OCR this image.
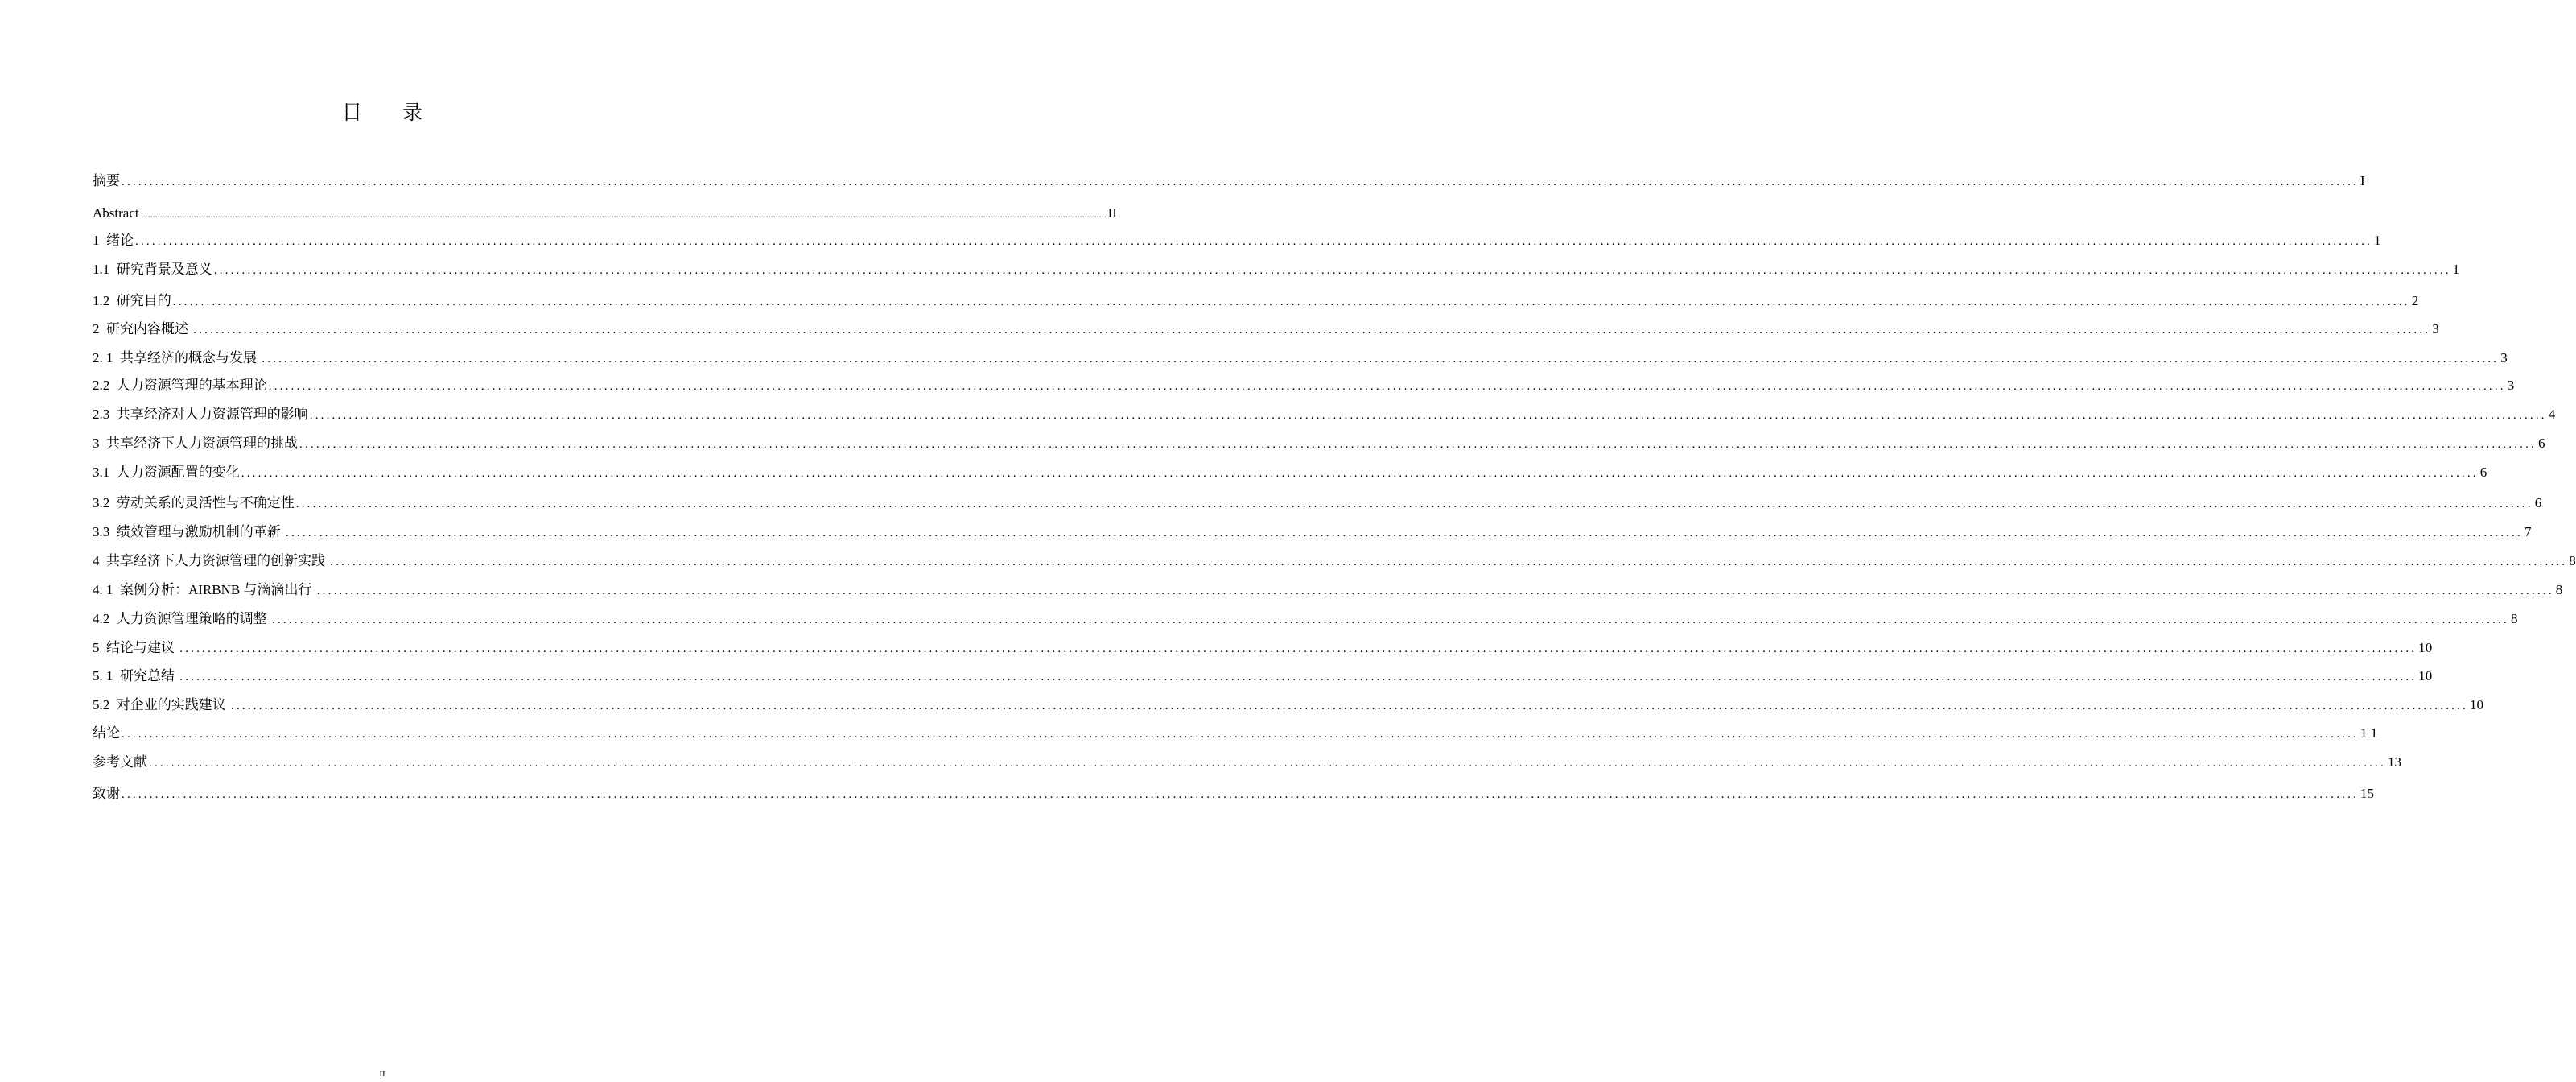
目 录
摘要 ................................................................................................................................................................................................................................................................................................................................................................................................................ I
Abstract ................................................................................................................................................................................................................................................................................................................................................................................................................ II
1  绪论 ................................................................................................................................................................................................................................................................................................................................................................................................................ 1
1.1  研究背景及意义 ................................................................................................................................................................................................................................................................................................................................................................................................................ 1
1.2  研究目的 ................................................................................................................................................................................................................................................................................................................................................................................................................ 2
2  研究内容概述 ................................................................................................................................................................................................................................................................................................................................................................................................................ 3
2. 1  共享经济的概念与发展 ................................................................................................................................................................................................................................................................................................................................................................................................................ 3
2.2  人力资源管理的基本理论 ................................................................................................................................................................................................................................................................................................................................................................................................................ 3
2.3  共享经济对人力资源管理的影响 ................................................................................................................................................................................................................................................................................................................................................................................................................ 4
3  共享经济下人力资源管理的挑战 ................................................................................................................................................................................................................................................................................................................................................................................................................ 6
3.1  人力资源配置的变化 ................................................................................................................................................................................................................................................................................................................................................................................................................ 6
3.2  劳动关系的灵活性与不确定性 ................................................................................................................................................................................................................................................................................................................................................................................................................ 6
3.3  绩效管理与激励机制的革新 ................................................................................................................................................................................................................................................................................................................................................................................................................ 7
4  共享经济下人力资源管理的创新实践 ................................................................................................................................................................................................................................................................................................................................................................................................................ 8
4. 1  案例分析：AIRBNB 与滴滴出行 ................................................................................................................................................................................................................................................................................................................................................................................................................ 8
4.2  人力资源管理策略的调整 ................................................................................................................................................................................................................................................................................................................................................................................................................ 8
5  结论与建议 ................................................................................................................................................................................................................................................................................................................................................................................................................ 10
5. 1  研究总结 ................................................................................................................................................................................................................................................................................................................................................................................................................ 10
5.2  对企业的实践建议 ................................................................................................................................................................................................................................................................................................................................................................................................................ 10
结论 ................................................................................................................................................................................................................................................................................................................................................................................................................ 1 1
参考文献 ................................................................................................................................................................................................................................................................................................................................................................................................................ 13
致谢 ................................................................................................................................................................................................................................................................................................................................................................................................................ 15
II
